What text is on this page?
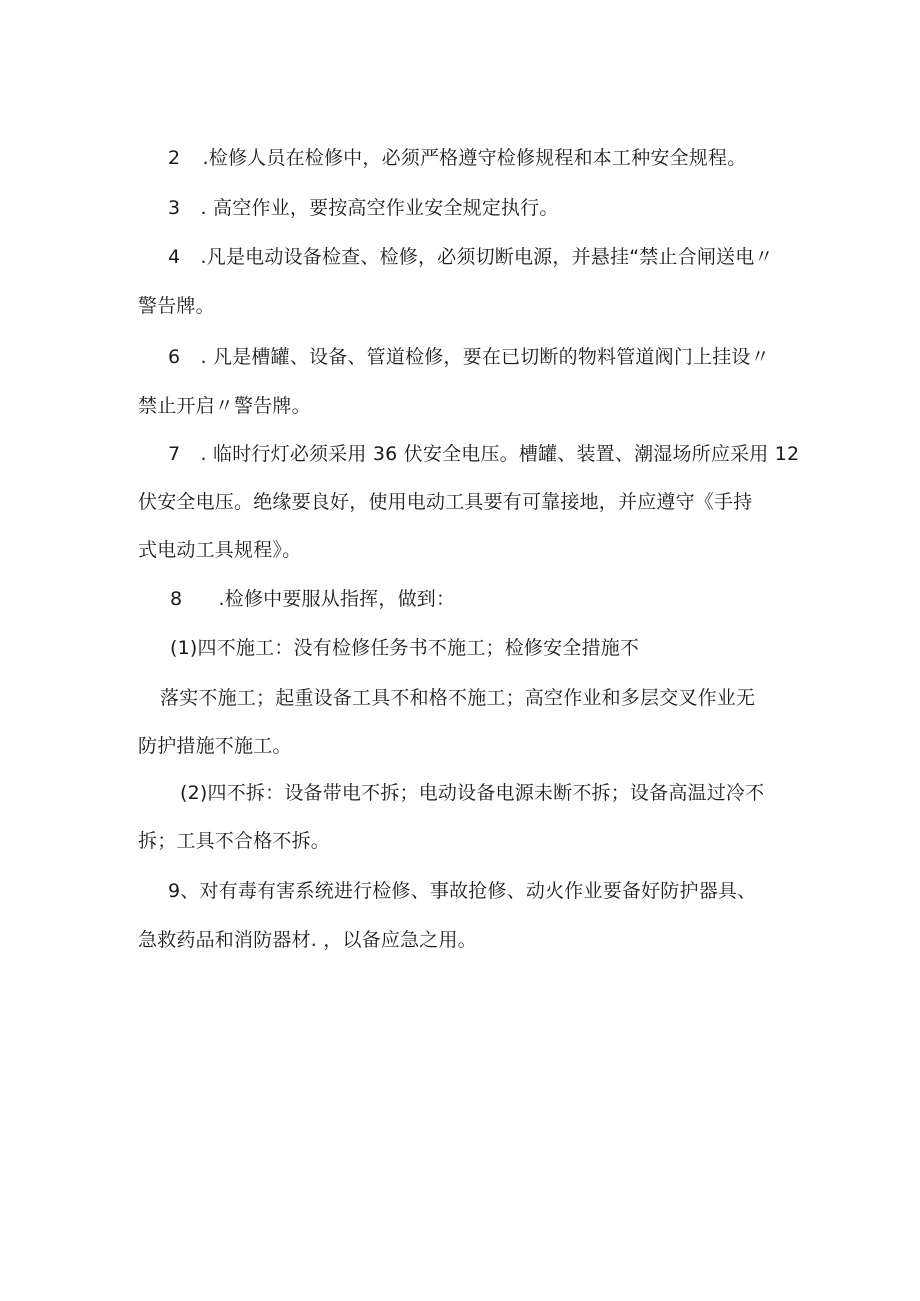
2 .检修人员在检修中，必须严格遵守检修规程和本工种安全规程。
3 . 高空作业，要按高空作业安全规定执行。
4 .凡是电动设备检查、检修，必须切断电源，并悬挂“禁止合闸送电〃
警告牌。
6 . 凡是槽罐、设备、管道检修，要在已切断的物料管道阀门上挂设〃
禁止开启〃警告牌。
7 . 临时行灯必须采用 36 伏安全电压。槽罐、装置、潮湿场所应采用 12
伏安全电压。绝缘要良好，使用电动工具要有可靠接地，并应遵守《手持
式电动工具规程》。
8 .检修中要服从指挥，做到：
(1)四不施工：没有检修任务书不施工；检修安全措施不
落实不施工；起重设备工具不和格不施工；高空作业和多层交叉作业无
防护措施不施工。
(2)四不拆：设备带电不拆；电动设备电源未断不拆；设备高温过冷不
拆；工具不合格不拆。
9、对有毒有害系统进行检修、事故抢修、动火作业要备好防护器具、
急救药品和消防器材. ，以备应急之用。
